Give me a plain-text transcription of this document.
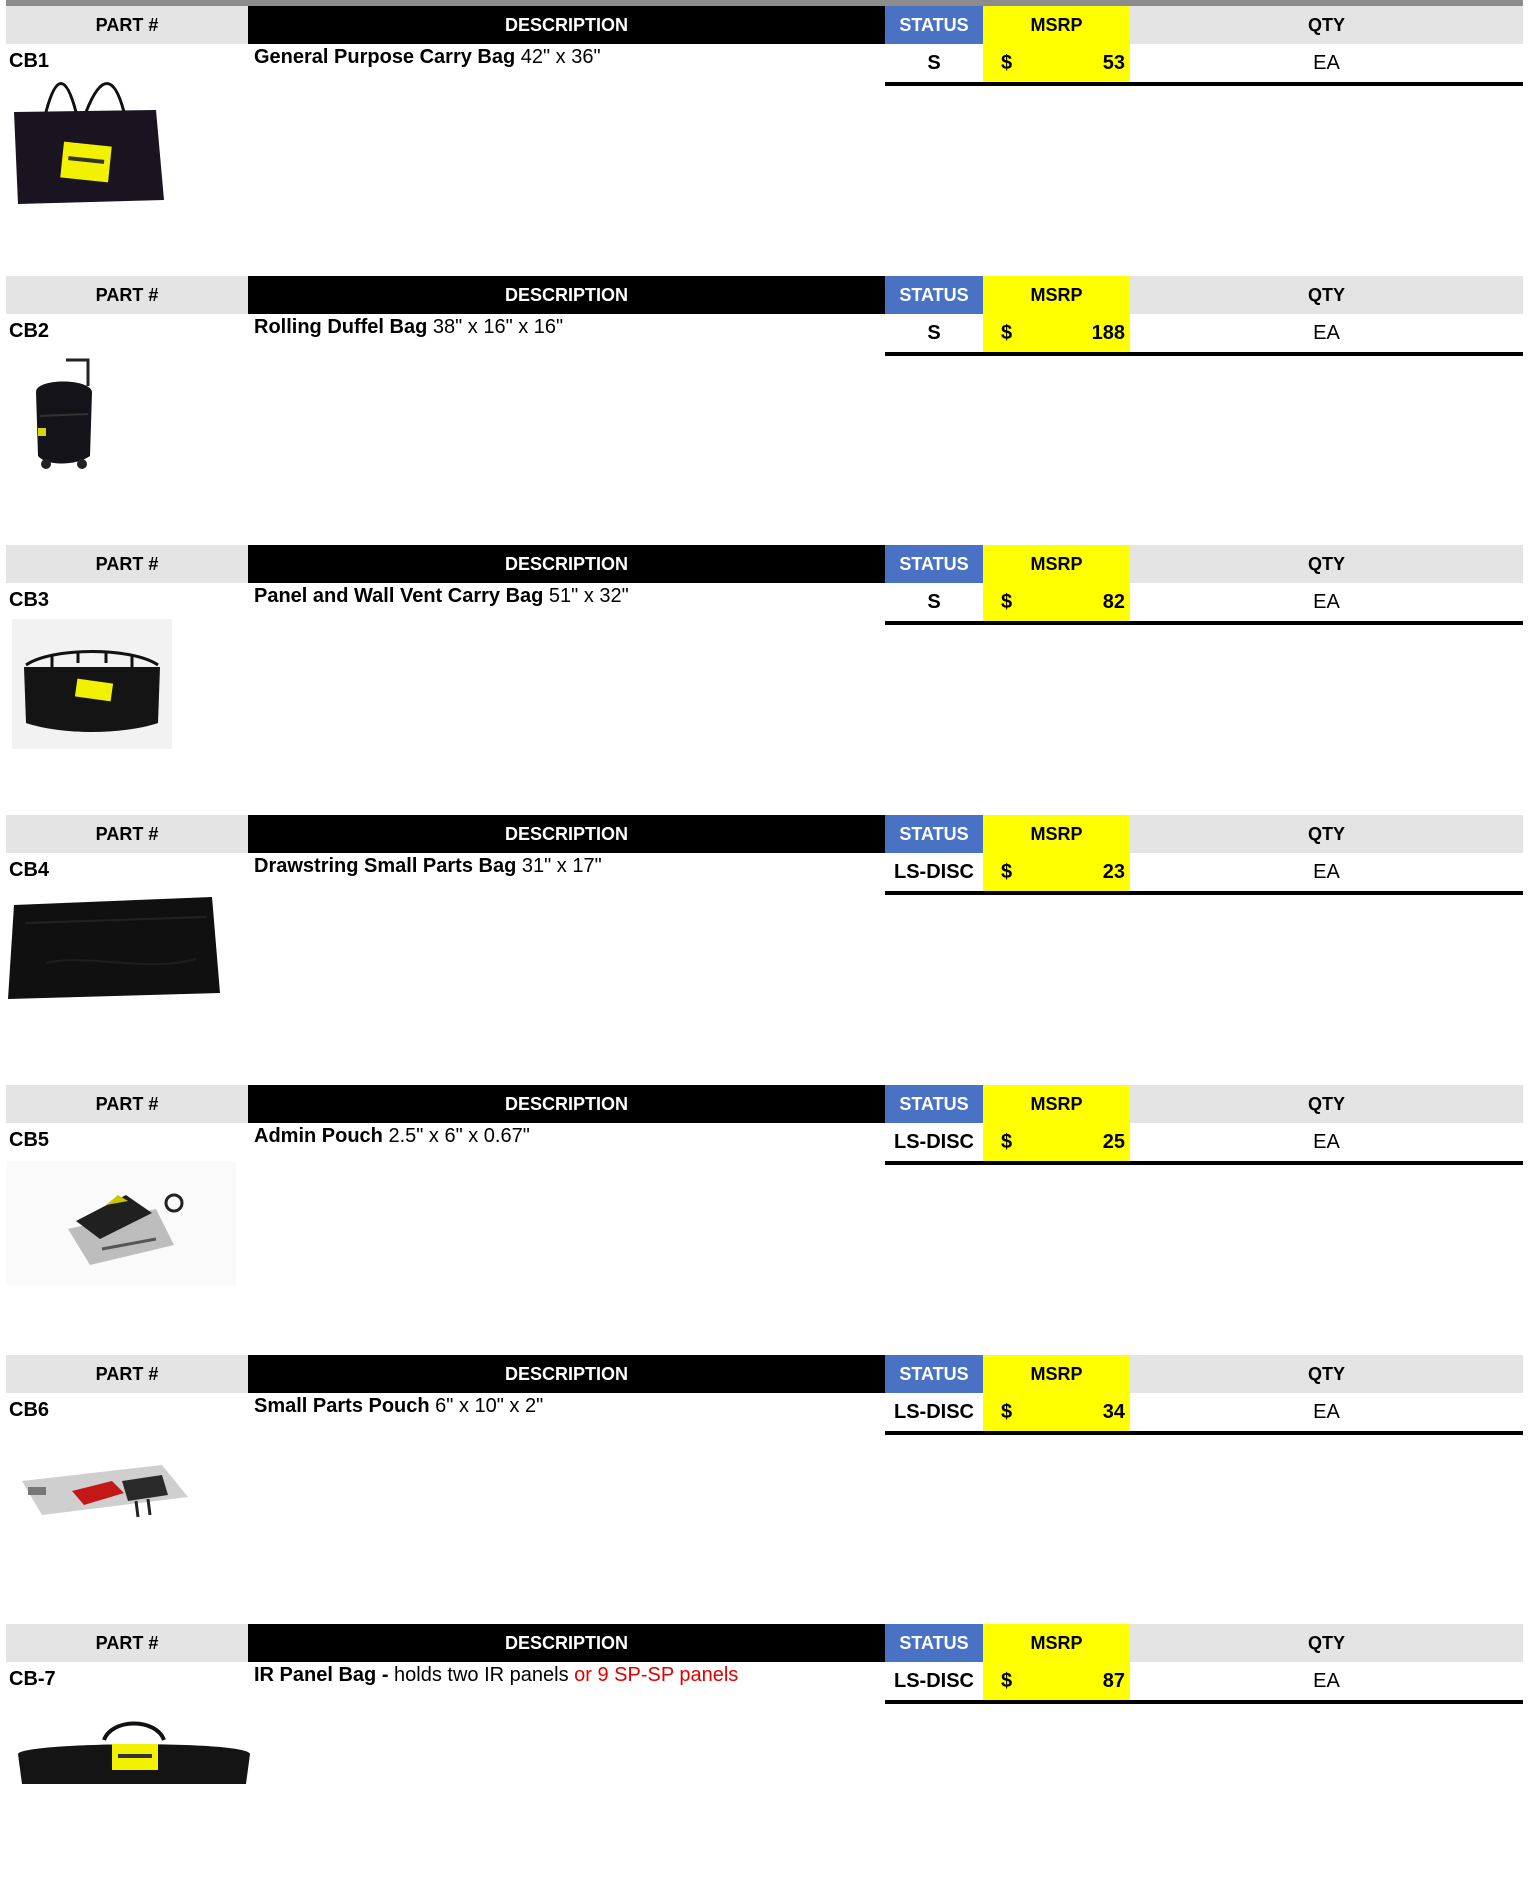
PART #	DESCRIPTION	STATUS	MSRP	QTY
CB1	General Purpose Carry Bag 42" x 36"	S	$	53	EA
PART #	DESCRIPTION	STATUS	MSRP	QTY
CB2	Rolling Duffel Bag 38" x 16" x 16"	S	$	188	EA
PART #	DESCRIPTION	STATUS	MSRP	QTY
CB3	Panel and Wall Vent Carry Bag 51" x 32"	S	$	82	EA
PART #	DESCRIPTION	STATUS	MSRP	QTY
CB4	Drawstring Small Parts Bag 31" x 17"	LS-DISC	$	23	EA
PART #	DESCRIPTION	STATUS	MSRP	QTY
CB5	Admin Pouch 2.5" x 6" x 0.67"	LS-DISC	$	25	EA
PART #	DESCRIPTION	STATUS	MSRP	QTY
CB6	Small Parts Pouch 6" x 10" x 2"	LS-DISC	$	34	EA
PART #	DESCRIPTION	STATUS	MSRP	QTY
CB-7	IR Panel Bag - holds two IR panels or 9 SP-SP panels	LS-DISC	$	87	EA
